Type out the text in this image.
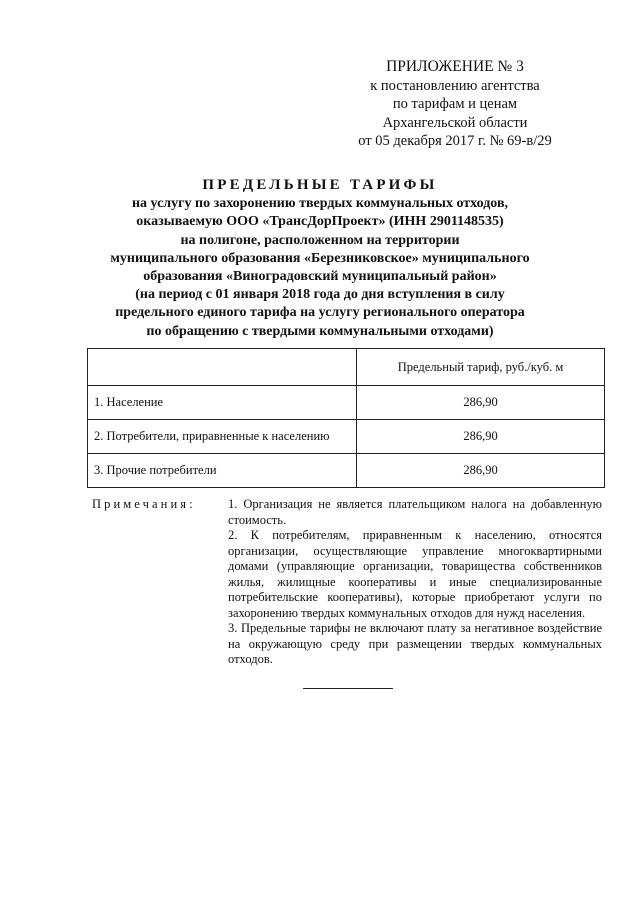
ПРИЛОЖЕНИЕ № 3
к постановлению агентства
по тарифам и ценам
Архангельской области
от 05 декабря 2017 г. № 69-в/29
ПРЕДЕЛЬНЫЕ ТАРИФЫ
на услугу по захоронению твердых коммунальных отходов,
оказываемую ООО «ТрансДорПроект» (ИНН 2901148535)
на полигоне, расположенном на территории
муниципального образования «Березниковское» муниципального
образования «Виноградовский муниципальный район»
(на период с 01 января 2018 года до дня вступления в силу
предельного единого тарифа на услугу регионального оператора
по обращению с твердыми коммунальными отходами)
	Предельный тариф, руб./куб. м
1. Население	286,90
2. Потребители, приравненные к населению	286,90
3. Прочие потребители	286,90
Примечания:	1. Организация не является плательщиком налога на добавленную стоимость.

2. К потребителям, приравненным к населению, относятся организации, осуществляющие управление многоквартирными домами (управляющие организации, товарищества собственников жилья, жилищные кооперативы и иные специализированные потребительские кооперативы), которые приобретают услуги по захоронению твердых коммунальных отходов для нужд населения.

3. Предельные тарифы не включают плату за негативное воздействие на окружающую среду при размещении твердых коммунальных отходов.
